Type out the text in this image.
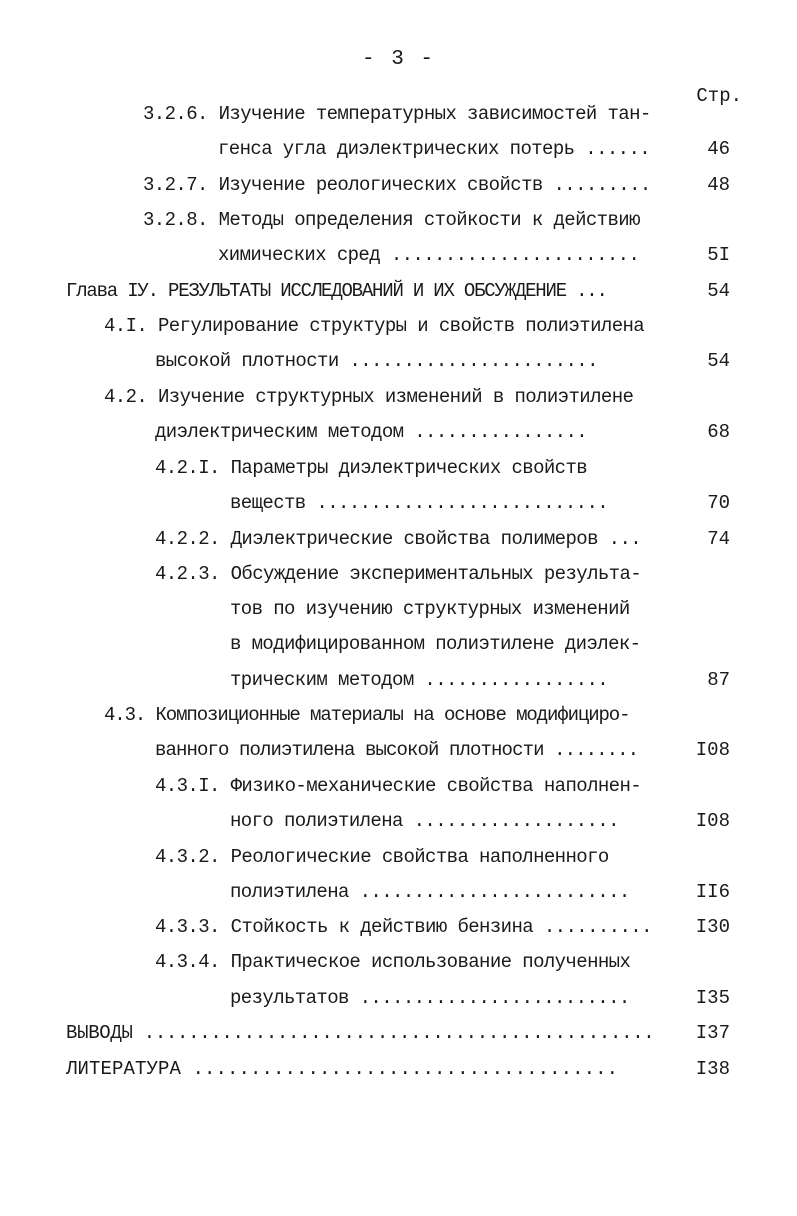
- 3 -
Стр.
3.2.6. Изучение температурных зависимостей тан-
генса угла диэлектрических потерь ......	46
3.2.7. Изучение реологических свойств .........	48
3.2.8. Методы определения стойкости к действию
химических сред .......................	5I
Глава IУ. РЕЗУЛЬТАТЫ ИССЛЕДОВАНИЙ И ИХ ОБСУЖДЕНИЕ ...	54
4.I. Регулирование структуры и свойств полиэтилена
высокой плотности .......................	54
4.2. Изучение структурных изменений в полиэтилене
диэлектрическим методом ................	68
4.2.I. Параметры диэлектрических свойств
веществ ...........................	70
4.2.2. Диэлектрические свойства полимеров ...	74
4.2.3. Обсуждение экспериментальных результа-
тов по изучению структурных изменений
в модифицированном полиэтилене диэлек-
трическим методом .................	87
4.3. Композиционные материалы на основе модифициро-
ванного полиэтилена высокой плотности ........	I08
4.3.I. Физико-механические свойства наполнен-
ного полиэтилена ...................	I08
4.3.2. Реологические свойства наполненного
полиэтилена .........................	II6
4.3.3. Стойкость к действию бензина ..........	I30
4.3.4. Практическое использование полученных
результатов .........................	I35
ВЫВОДЫ ..............................................	I37
ЛИТЕРАТУРА .....................................	I38
